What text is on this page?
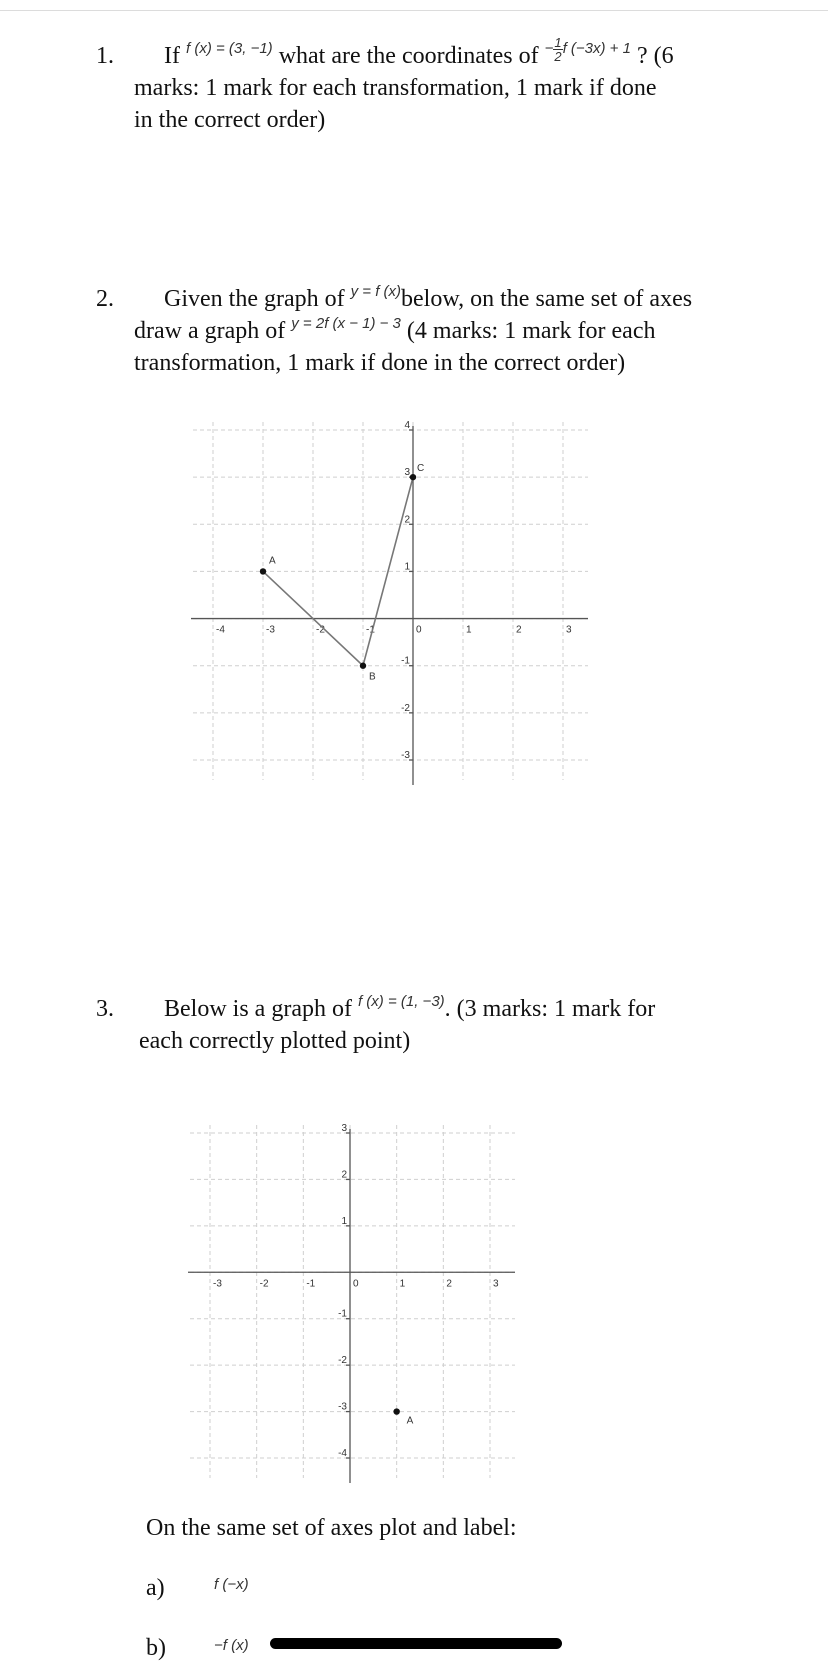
1. If $^{f (x) = (3, -1)}$ what are the coordinates of $^- \frac{1}{2} ^{f (-3x) + 1}$ ? (6
marks: 1 mark for each transformation, 1 mark if done
in the correct order)
2. Given the graph of $^{y = f (x)}$below, on the same set of axes
draw a graph of $^{y = 2f (x - 1) - 3}$ (4 marks: 1 mark for each
transformation, 1 mark if done in the correct order)
-4	-3	-2	-1	0	1	2	3
-3
-2
-1
1
2
3
4
A
B
C
3. Below is a graph of $^{f (x) = (1, -3)}$. (3 marks: 1 mark for
each correctly plotted point)
-3	-2	-1	0	1	2	3
-4
-3
-2
-1
1
2
3
A
On the same set of axes plot and label:
a)	f (−x)
b)	−f (x)
